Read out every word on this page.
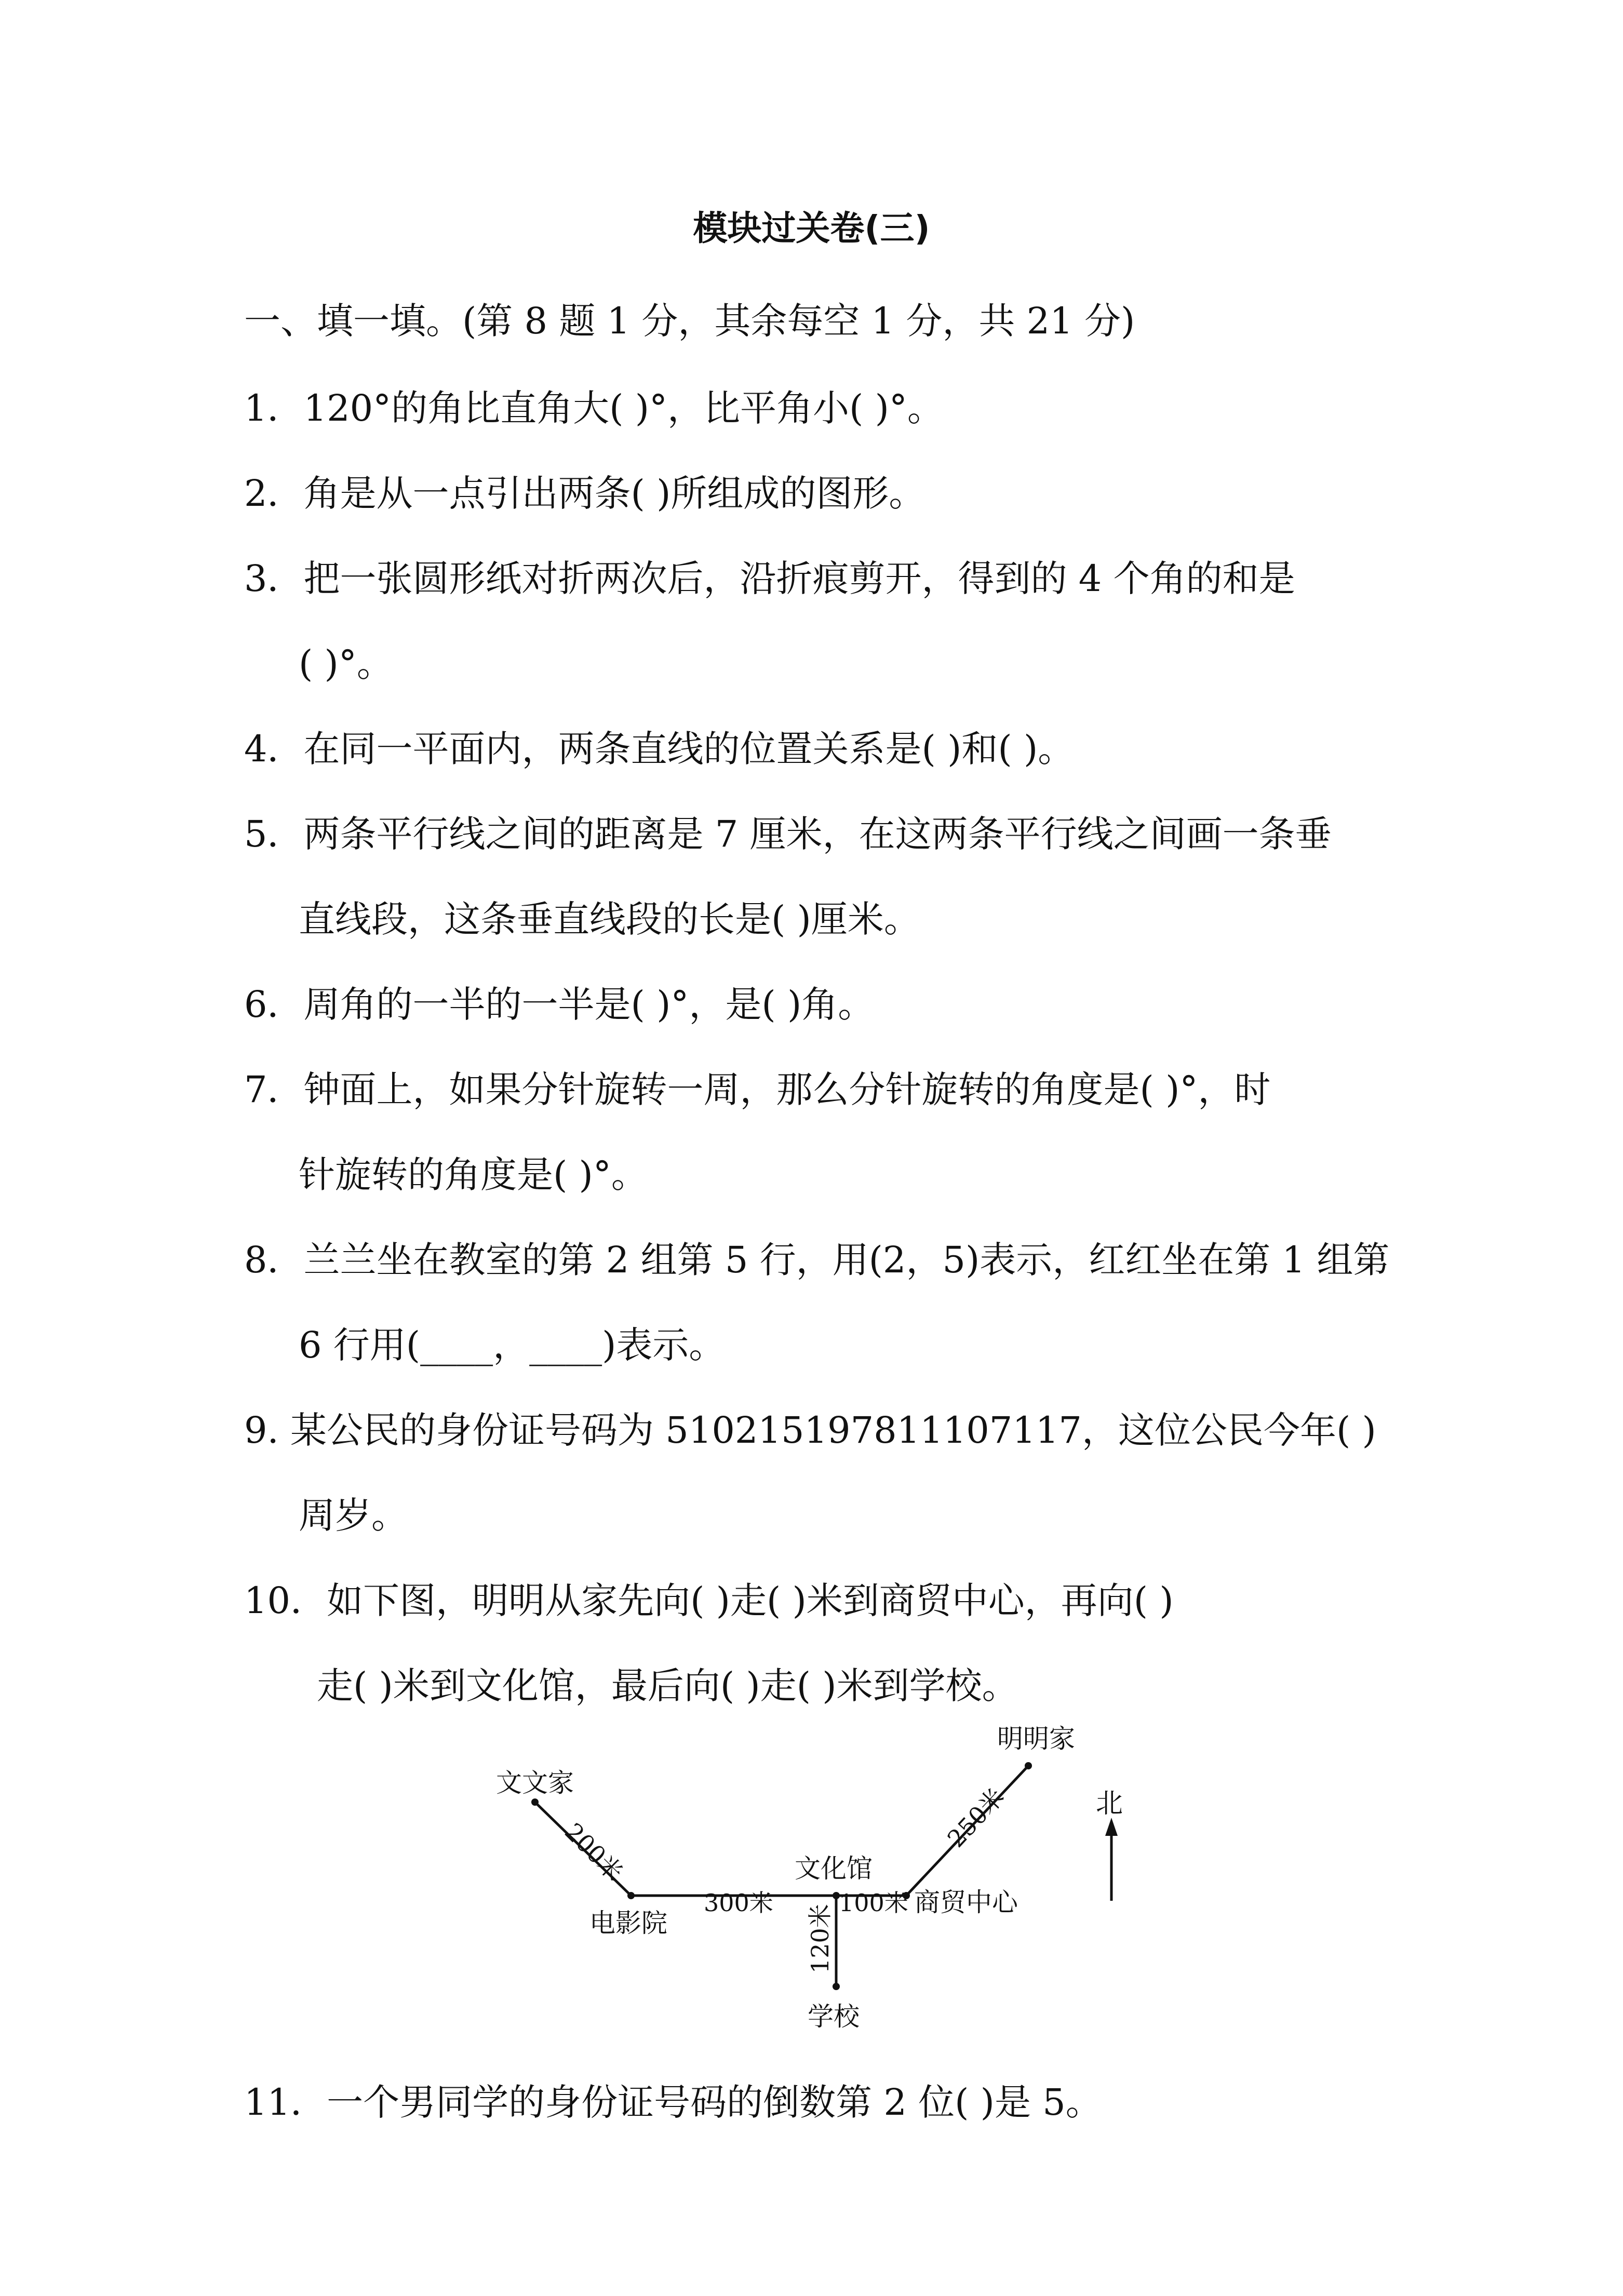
模块过关卷(三)
一、填一填。(第 8 题 1 分，其余每空 1 分，共 21 分)
1．120°的角比直角大( )°，比平角小( )°。
2．角是从一点引出两条( )所组成的图形。
3．把一张圆形纸对折两次后，沿折痕剪开，得到的 4 个角的和是
( )°。
4．在同一平面内，两条直线的位置关系是( )和( )。
5．两条平行线之间的距离是 7 厘米，在这两条平行线之间画一条垂
直线段，这条垂直线段的长是( )厘米。
6．周角的一半的一半是( )°，是( )角。
7．钟面上，如果分针旋转一周，那么分针旋转的角度是( )°，时
针旋转的角度是( )°。
8．兰兰坐在教室的第 2 组第 5 行，用(2，5)表示，红红坐在第 1 组第
6 行用(____，____)表示。
9. 某公民的身份证号码为 510215197811107117，这位公民今年( )
周岁。
10．如下图，明明从家先向( )走( )米到商贸中心，再向( )
走( )米到文化馆，最后向( )走( )米到学校。
文文家
电影院
文化馆
明明家
商贸中心
学校
200米
300米	100米
250米
120米
北
11．一个男同学的身份证号码的倒数第 2 位( )是 5。
